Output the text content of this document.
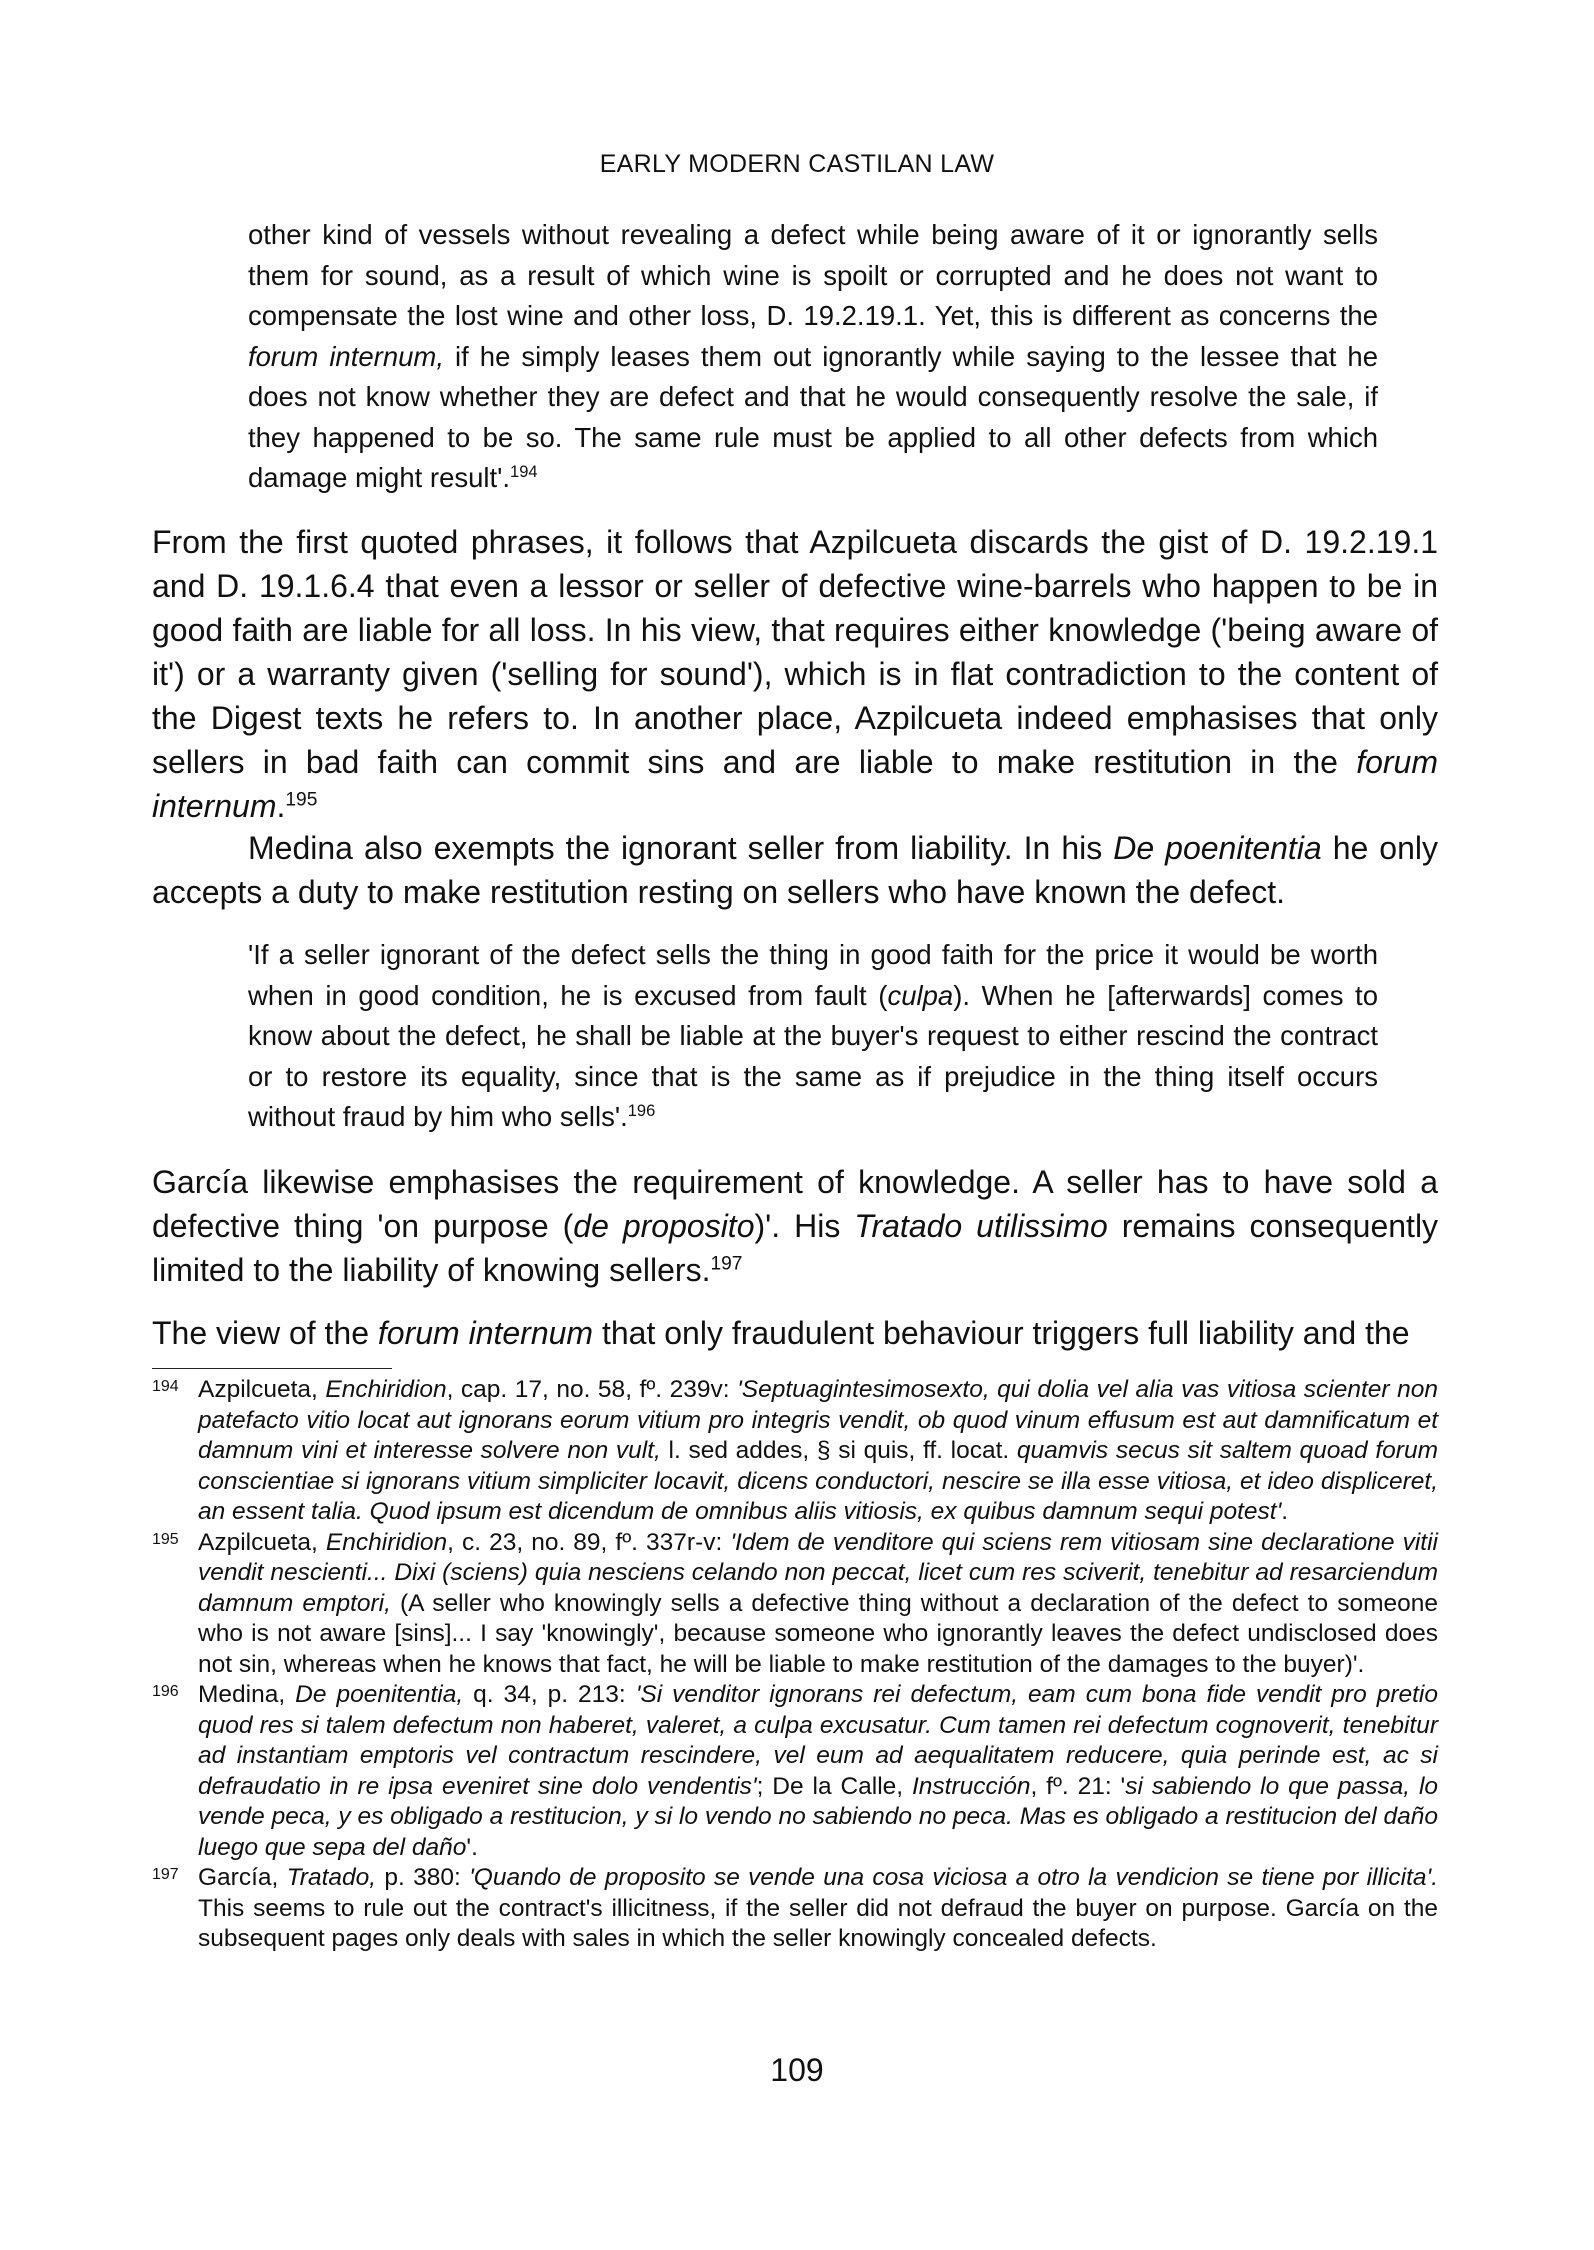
EARLY MODERN CASTILAN LAW
other kind of vessels without revealing a defect while being aware of it or ignorantly sells them for sound, as a result of which wine is spoilt or corrupted and he does not want to compensate the lost wine and other loss, D. 19.2.19.1. Yet, this is different as concerns the forum internum, if he simply leases them out ignorantly while saying to the lessee that he does not know whether they are defect and that he would consequently resolve the sale, if they happened to be so. The same rule must be applied to all other defects from which damage might result'.$^{194}$
From the first quoted phrases, it follows that Azpilcueta discards the gist of D. 19.2.19.1 and D. 19.1.6.4 that even a lessor or seller of defective wine-barrels who happen to be in good faith are liable for all loss. In his view, that requires either knowledge ('being aware of it') or a warranty given ('selling for sound'), which is in flat contradiction to the content of the Digest texts he refers to. In another place, Azpilcueta indeed emphasises that only sellers in bad faith can commit sins and are liable to make restitution in the forum internum.$^{195}$
Medina also exempts the ignorant seller from liability. In his De poenitentia he only accepts a duty to make restitution resting on sellers who have known the defect.
'If a seller ignorant of the defect sells the thing in good faith for the price it would be worth when in good condition, he is excused from fault (culpa). When he [afterwards] comes to know about the defect, he shall be liable at the buyer's request to either rescind the contract or to restore its equality, since that is the same as if prejudice in the thing itself occurs without fraud by him who sells'.$^{196}$
García likewise emphasises the requirement of knowledge. A seller has to have sold a defective thing 'on purpose (de proposito)'. His Tratado utilissimo remains consequently limited to the liability of knowing sellers.$^{197}$
The view of the forum internum that only fraudulent behaviour triggers full liability and the
194 Azpilcueta, Enchiridion, cap. 17, no. 58, fº. 239v: 'Septuagintesimosexto, qui dolia vel alia vas vitiosa scienter non patefacto vitio locat aut ignorans eorum vitium pro integris vendit, ob quod vinum effusum est aut damnificatum et damnum vini et interesse solvere non vult, l. sed addes, § si quis, ff. locat. quamvis secus sit saltem quoad forum conscientiae si ignorans vitium simpliciter locavit, dicens conductori, nescire se illa esse vitiosa, et ideo displiceret, an essent talia. Quod ipsum est dicendum de omnibus aliis vitiosis, ex quibus damnum sequi potest'.
195 Azpilcueta, Enchiridion, c. 23, no. 89, fº. 337r-v: 'Idem de venditore qui sciens rem vitiosam sine declaratione vitii vendit nescienti... Dixi (sciens) quia nesciens celando non peccat, licet cum res sciverit, tenebitur ad resarciendum damnum emptori, (A seller who knowingly sells a defective thing without a declaration of the defect to someone who is not aware [sins]... I say 'knowingly', because someone who ignorantly leaves the defect undisclosed does not sin, whereas when he knows that fact, he will be liable to make restitution of the damages to the buyer)'.
196 Medina, De poenitentia, q. 34, p. 213: 'Si venditor ignorans rei defectum, eam cum bona fide vendit pro pretio quod res si talem defectum non haberet, valeret, a culpa excusatur. Cum tamen rei defectum cognoverit, tenebitur ad instantiam emptoris vel contractum rescindere, vel eum ad aequalitatem reducere, quia perinde est, ac si defraudatio in re ipsa eveniret sine dolo vendentis'; De la Calle, Instrucción, fº. 21: 'si sabiendo lo que passa, lo vende peca, y es obligado a restitucion, y si lo vendo no sabiendo no peca. Mas es obligado a restitucion del daño luego que sepa del daño'.
197 García, Tratado, p. 380: 'Quando de proposito se vende una cosa viciosa a otro la vendicion se tiene por illicita'. This seems to rule out the contract's illicitness, if the seller did not defraud the buyer on purpose. García on the subsequent pages only deals with sales in which the seller knowingly concealed defects.
109
